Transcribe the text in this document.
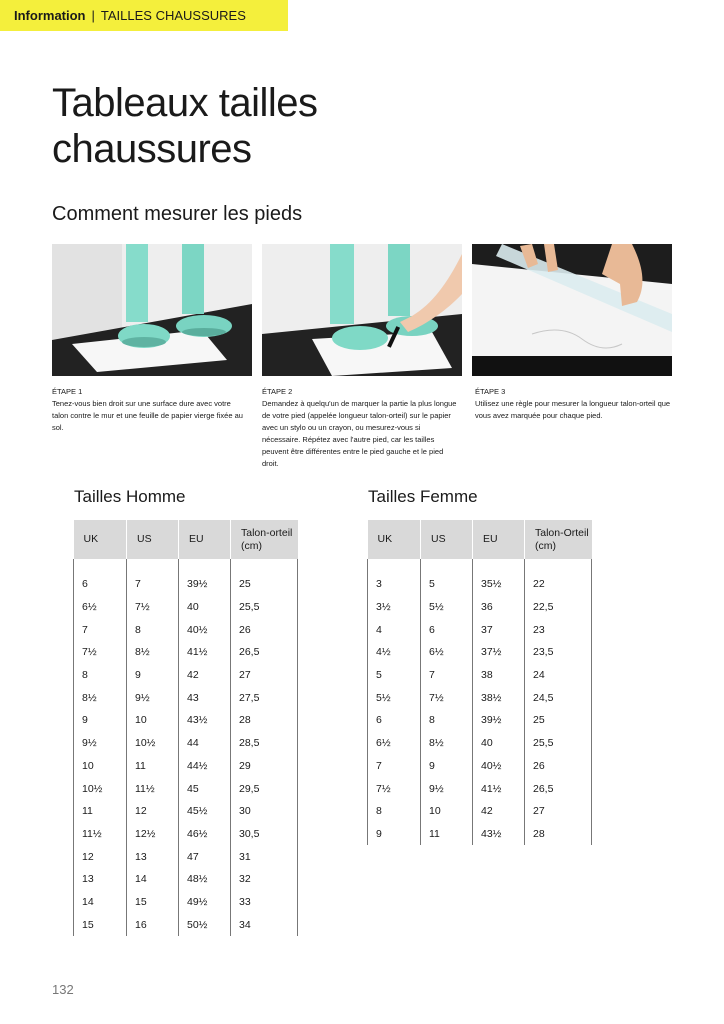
Information | TAILLES CHAUSSURES
Tableaux tailles chaussures
Comment mesurer les pieds
ÉTAPE 1
Tenez-vous bien droit sur une surface dure avec votre talon contre le mur et une feuille de papier vierge fixée au sol.
ÉTAPE 2
Demandez à quelqu'un de marquer la partie la plus longue de votre pied (appelée longueur talon-orteil) sur le papier avec un stylo ou un crayon, ou mesurez-vous si nécessaire. Répétez avec l'autre pied, car les tailles peuvent être différentes entre le pied gauche et le pied droit.
ÉTAPE 3
Utilisez une règle pour mesurer la longueur talon-orteil que vous avez marquée pour chaque pied.
Tailles Homme
UK	US	EU	Talon-orteil (cm)

6	7	39½	25
6½	7½	40	25,5
7	8	40½	26
7½	8½	41½	26,5
8	9	42	27
8½	9½	43	27,5
9	10	43½	28
9½	10½	44	28,5
10	11	44½	29
10½	11½	45	29,5
11	12	45½	30
11½	12½	46½	30,5
12	13	47	31
13	14	48½	32
14	15	49½	33
15	16	50½	34
Tailles Femme
UK	US	EU	Talon-Orteil (cm)

3	5	35½	22
3½	5½	36	22,5
4	6	37	23
4½	6½	37½	23,5
5	7	38	24
5½	7½	38½	24,5
6	8	39½	25
6½	8½	40	25,5
7	9	40½	26
7½	9½	41½	26,5
8	10	42	27
9	11	43½	28
132
